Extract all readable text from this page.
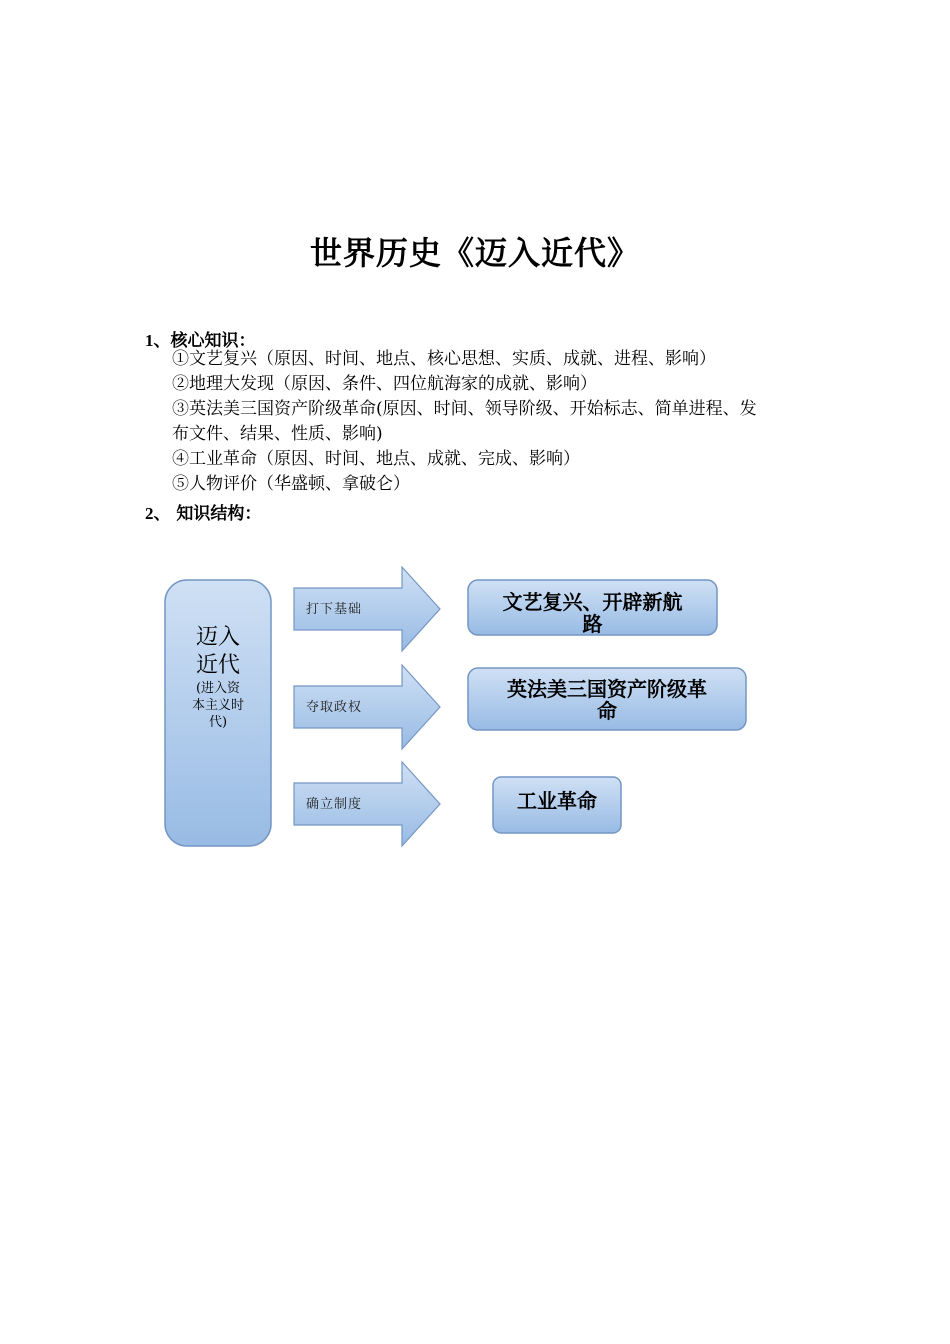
世界历史《迈入近代》
1、核心知识：
①文艺复兴（原因、时间、地点、核心思想、实质、成就、进程、影响）
②地理大发现（原因、条件、四位航海家的成就、影响）
③英法美三国资产阶级革命(原因、时间、领导阶级、开始标志、简单进程、发
布文件、结果、性质、影响)
④工业革命（原因、时间、地点、成就、完成、影响）
⑤人物评价（华盛顿、拿破仑）
2、 知识结构：
迈入
近代
(进入资
本主义时
代)
打下基础
夺取政权
确立制度
文艺复兴、开辟新航
路
英法美三国资产阶级革
命
工业革命
